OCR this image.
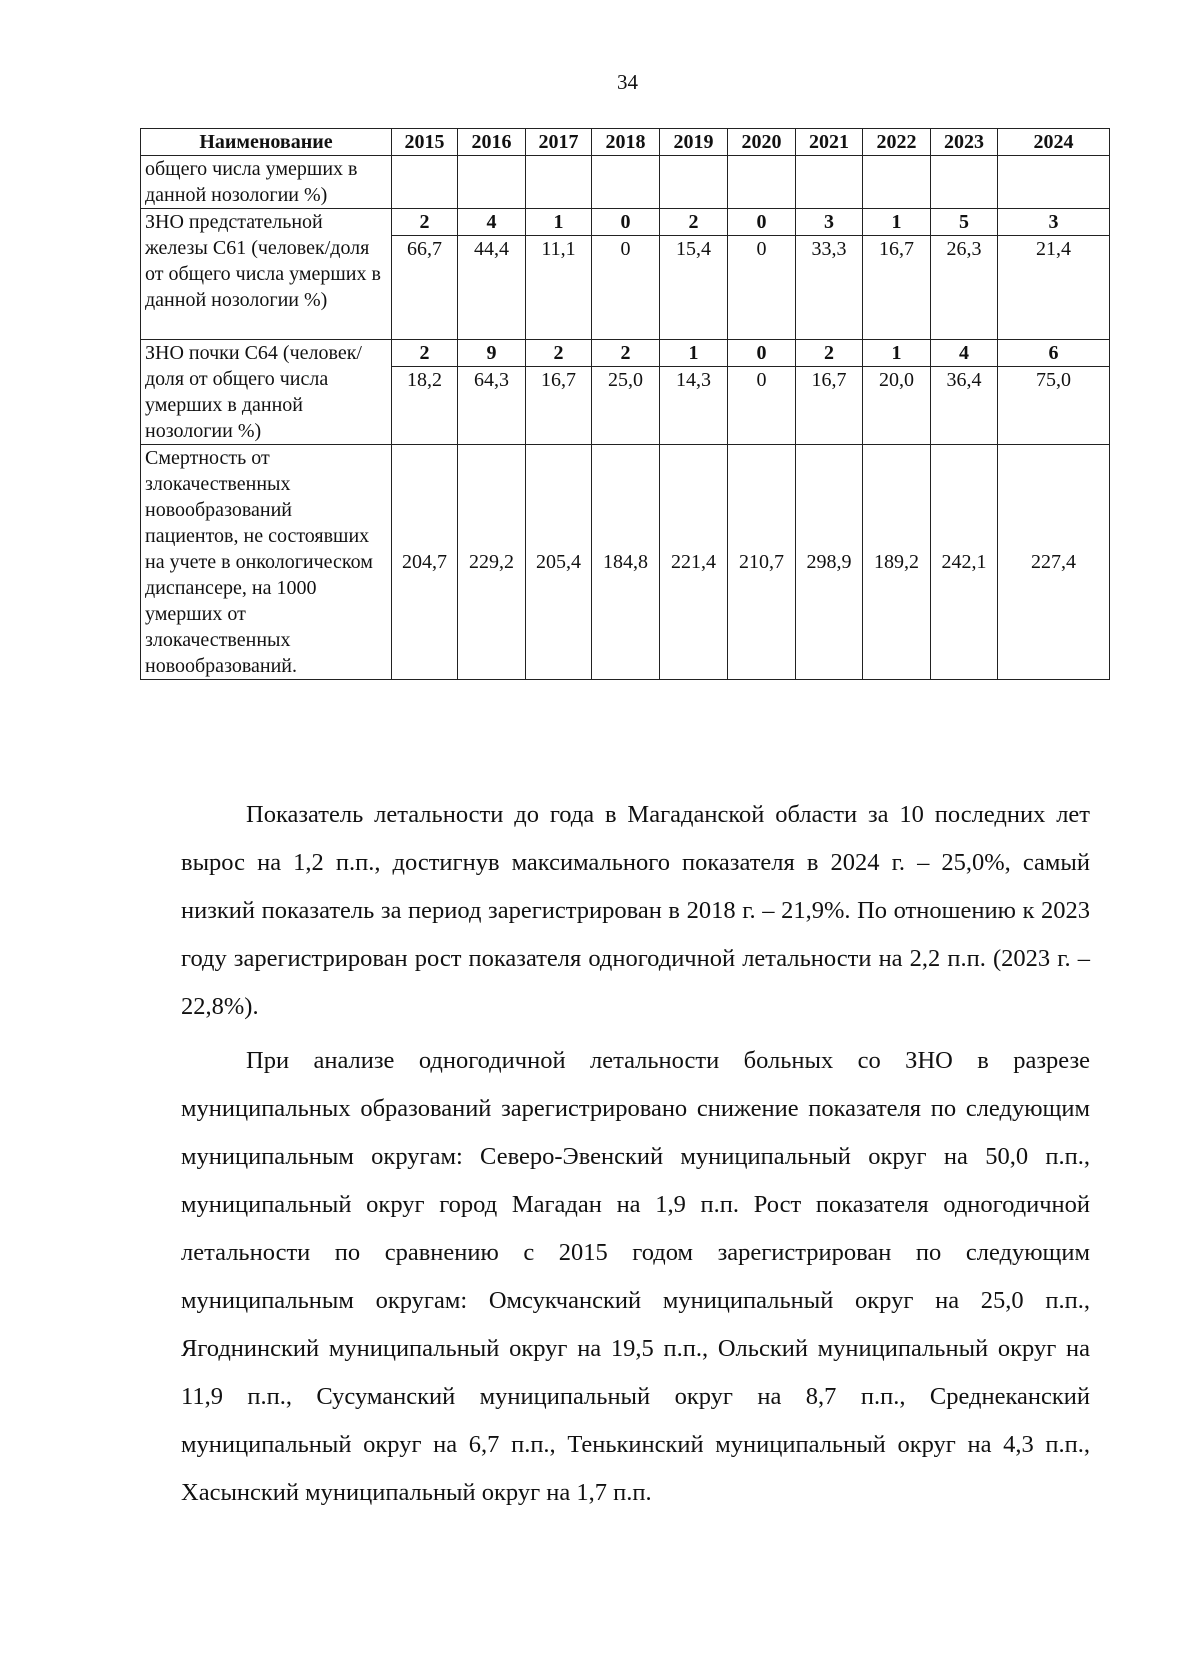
34
Наименование	2015	2016	2017	2018	2019	2020	2021	2022	2023	2024
общего числа умерших в данной нозологии %)										
ЗНО предстательной железы С61 (человек/доля от общего числа умерших в данной нозологии %)	2	4	1	0	2	0	3	1	5	3
	66,7	44,4	11,1	0	15,4	0	33,3	16,7	26,3	21,4
ЗНО почки С64 (человек/доля от общего числа умерших в данной нозологии %)	2	9	2	2	1	0	2	1	4	6
	18,2	64,3	16,7	25,0	14,3	0	16,7	20,0	36,4	75,0
Смертность от злокачественных новообразований пациентов, не состоявших на учете в онкологическом диспансере, на 1000 умерших от злокачественных новообразований.	204,7	229,2	205,4	184,8	221,4	210,7	298,9	189,2	242,1	227,4

Показатель летальности до года в Магаданской области за 10 последних лет вырос на 1,2 п.п., достигнув максимального показателя в 2024 г. – 25,0%, самый низкий показатель за период зарегистрирован в 2018 г. – 21,9%. По отношению к 2023 году зарегистрирован рост показателя одногодичной летальности на 2,2 п.п. (2023 г. – 22,8%).

При анализе одногодичной летальности больных со ЗНО в разрезе муниципальных образований зарегистрировано снижение показателя по следующим муниципальным округам: Северо-Эвенский муниципальный округ на 50,0 п.п., муниципальный округ город Магадан на 1,9 п.п. Рост показателя одногодичной летальности по сравнению с 2015 годом зарегистрирован по следующим муниципальным округам: Омсукчанский муниципальный округ на 25,0 п.п., Ягоднинский муниципальный округ на 19,5 п.п., Ольский муниципальный округ на 11,9 п.п., Сусуманский муниципальный округ на 8,7 п.п., Среднеканский муниципальный округ на 6,7 п.п., Тенькинский муниципальный округ на 4,3 п.п., Хасынский муниципальный округ на 1,7 п.п.
